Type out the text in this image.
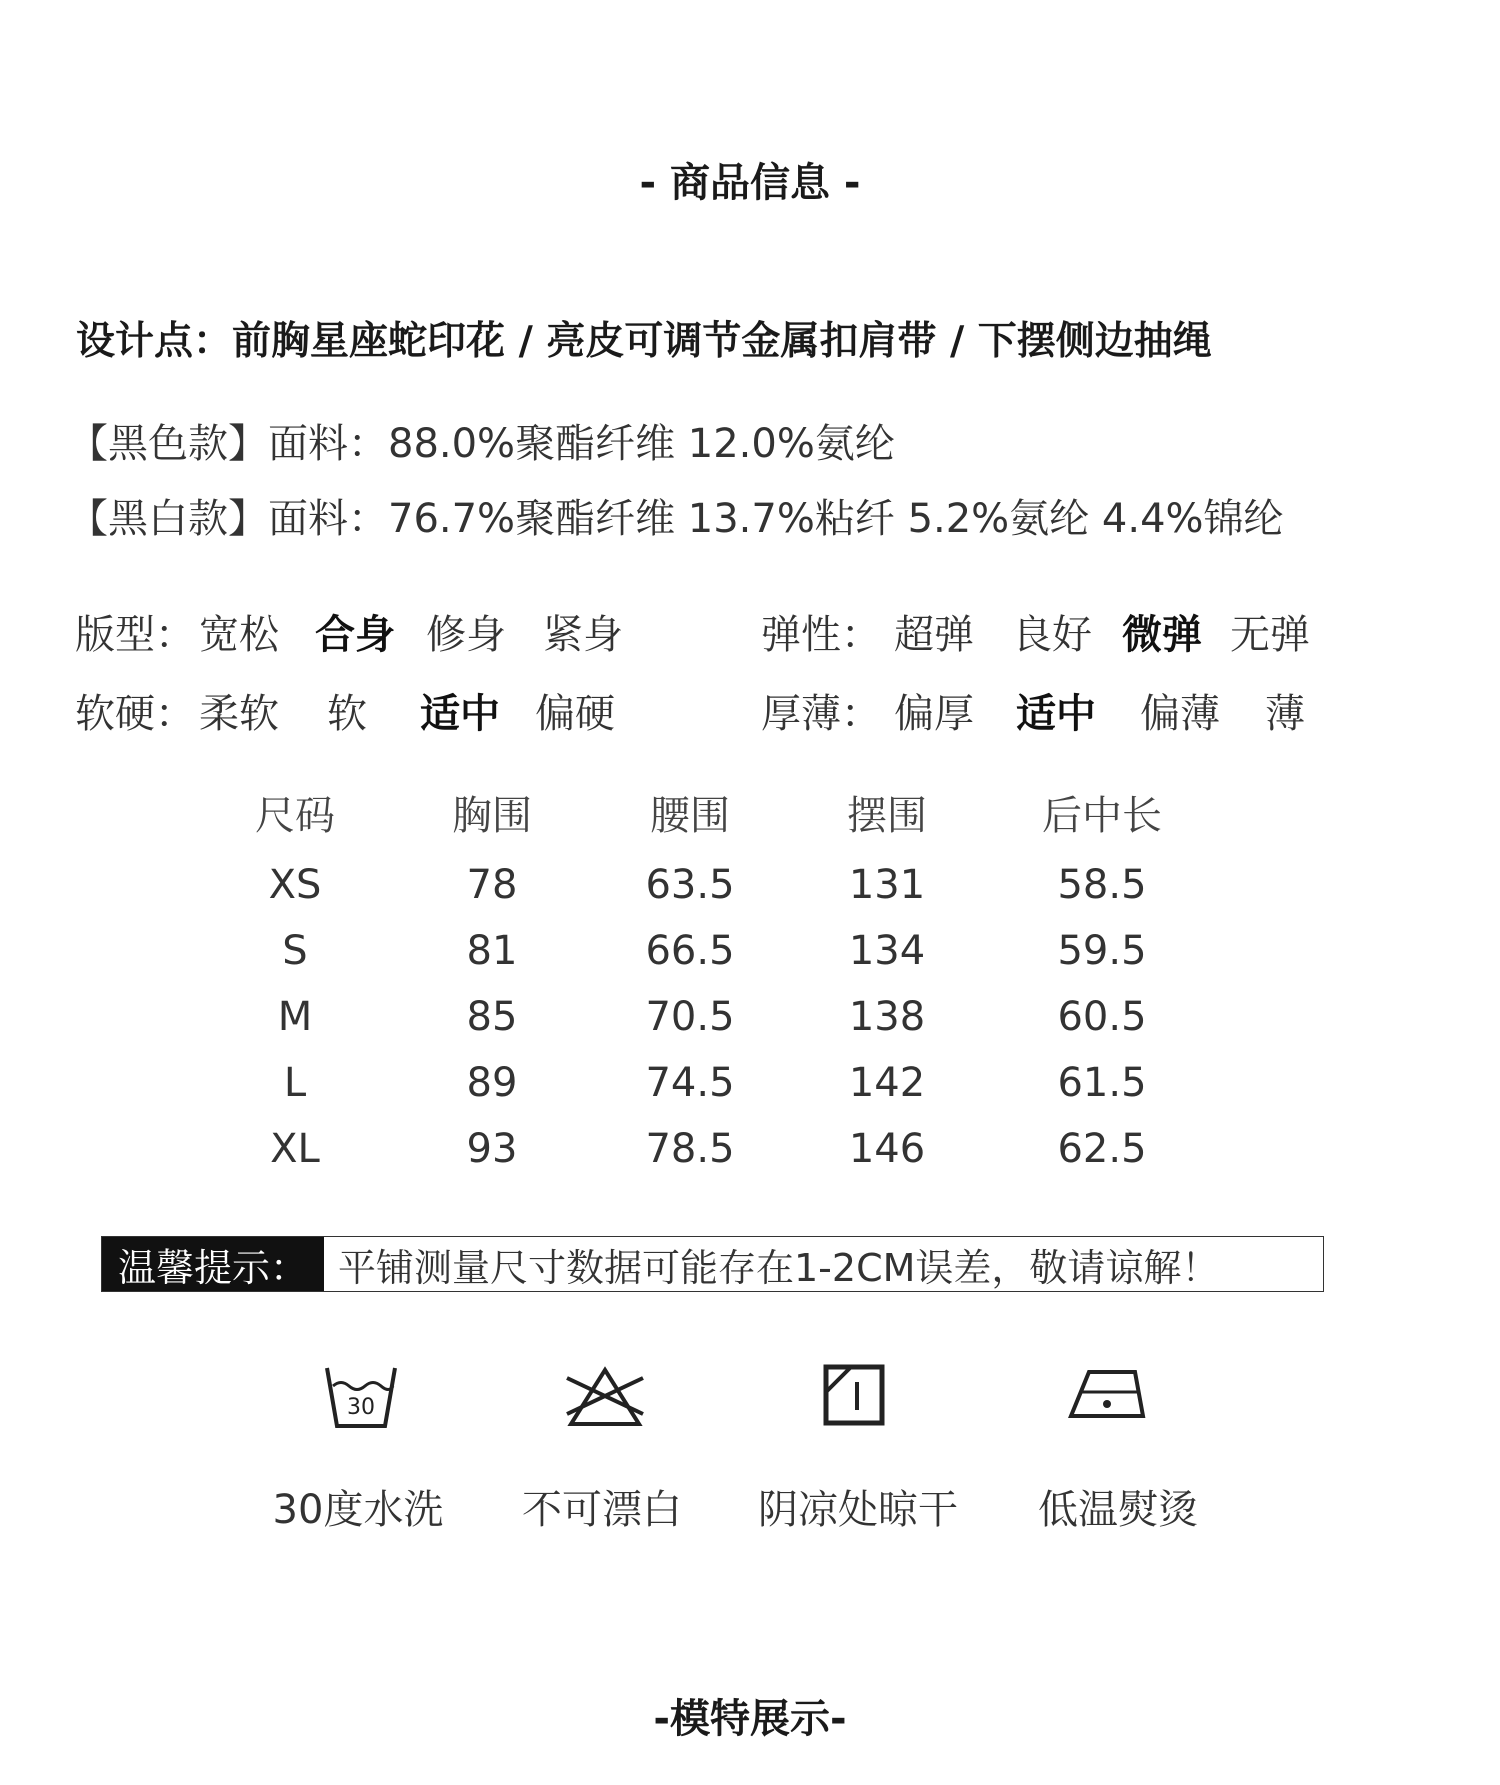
- 商品信息 -
设计点：前胸星座蛇印花 / 亮皮可调节金属扣肩带 / 下摆侧边抽绳
【黑色款】面料：88.0%聚酯纤维 12.0%氨纶
【黑白款】面料：76.7%聚酯纤维 13.7%粘纤 5.2%氨纶 4.4%锦纶
版型： 宽松 合身 修身 紧身	弹性： 超弹 良好 微弹 无弹
软硬： 柔软 软 适中 偏硬	厚薄： 偏厚 适中 偏薄 薄
尺码	胸围	腰围	摆围	后中长
XS	78	63.5	131	58.5
S	81	66.5	134	59.5
M	85	70.5	138	60.5
L	89	74.5	142	61.5
XL	93	78.5	146	62.5
温馨提示： 平铺测量尺寸数据可能存在1-2CM误差，敬请谅解！
30
30度水洗	不可漂白	阴凉处晾干	低温熨烫
-模特展示-
